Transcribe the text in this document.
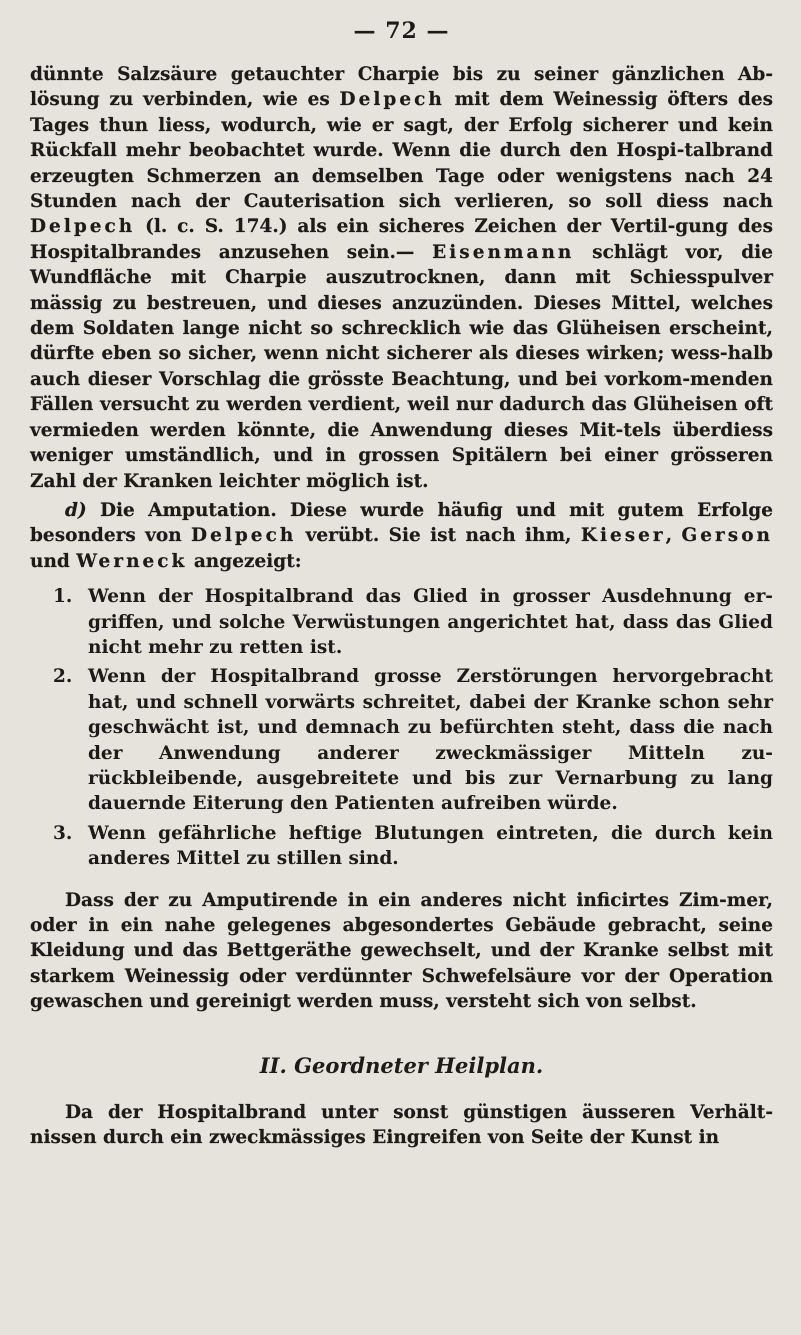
— 72 —

dünnte Salzsäure getauchter Charpie bis zu seiner gänzlichen Ab-lösung zu verbinden, wie es Delpech mit dem Weinessig öfters des Tages thun liess, wodurch, wie er sagt, der Erfolg sicherer und kein Rückfall mehr beobachtet wurde. Wenn die durch den Hospi-talbrand erzeugten Schmerzen an demselben Tage oder wenigstens nach 24 Stunden nach der Cauterisation sich verlieren, so soll diess nach Delpech (l. c. S. 174.) als ein sicheres Zeichen der Vertil-gung des Hospitalbrandes anzusehen sein.— Eisenmann schlägt vor, die Wundfläche mit Charpie auszutrocknen, dann mit Schiesspulver mässig zu bestreuen, und dieses anzuzünden. Dieses Mittel, welches dem Soldaten lange nicht so schrecklich wie das Glüheisen erscheint, dürfte eben so sicher, wenn nicht sicherer als dieses wirken; wess-halb auch dieser Vorschlag die grösste Beachtung, und bei vorkom-menden Fällen versucht zu werden verdient, weil nur dadurch das Glüheisen oft vermieden werden könnte, die Anwendung dieses Mit-tels überdiess weniger umständlich, und in grossen Spitälern bei einer grösseren Zahl der Kranken leichter möglich ist.

d) Die Amputation. Diese wurde häufig und mit gutem Erfolge besonders von Delpech verübt. Sie ist nach ihm, Kieser, Gerson und Werneck angezeigt:

1. Wenn der Hospitalbrand das Glied in grosser Ausdehnung er-griffen, und solche Verwüstungen angerichtet hat, dass das Glied nicht mehr zu retten ist.
2. Wenn der Hospitalbrand grosse Zerstörungen hervorgebracht hat, und schnell vorwärts schreitet, dabei der Kranke schon sehr geschwächt ist, und demnach zu befürchten steht, dass die nach der Anwendung anderer zweckmässiger Mitteln zu-rückbleibende, ausgebreitete und bis zur Vernarbung zu lang dauernde Eiterung den Patienten aufreiben würde.
3. Wenn gefährliche heftige Blutungen eintreten, die durch kein anderes Mittel zu stillen sind.

Dass der zu Amputirende in ein anderes nicht inficirtes Zim-mer, oder in ein nahe gelegenes abgesondertes Gebäude gebracht, seine Kleidung und das Bettgeräthe gewechselt, und der Kranke selbst mit starkem Weinessig oder verdünnter Schwefelsäure vor der Operation gewaschen und gereinigt werden muss, versteht sich von selbst.

II. Geordneter Heilplan.

Da der Hospitalbrand unter sonst günstigen äusseren Verhält-nissen durch ein zweckmässiges Eingreifen von Seite der Kunst in
